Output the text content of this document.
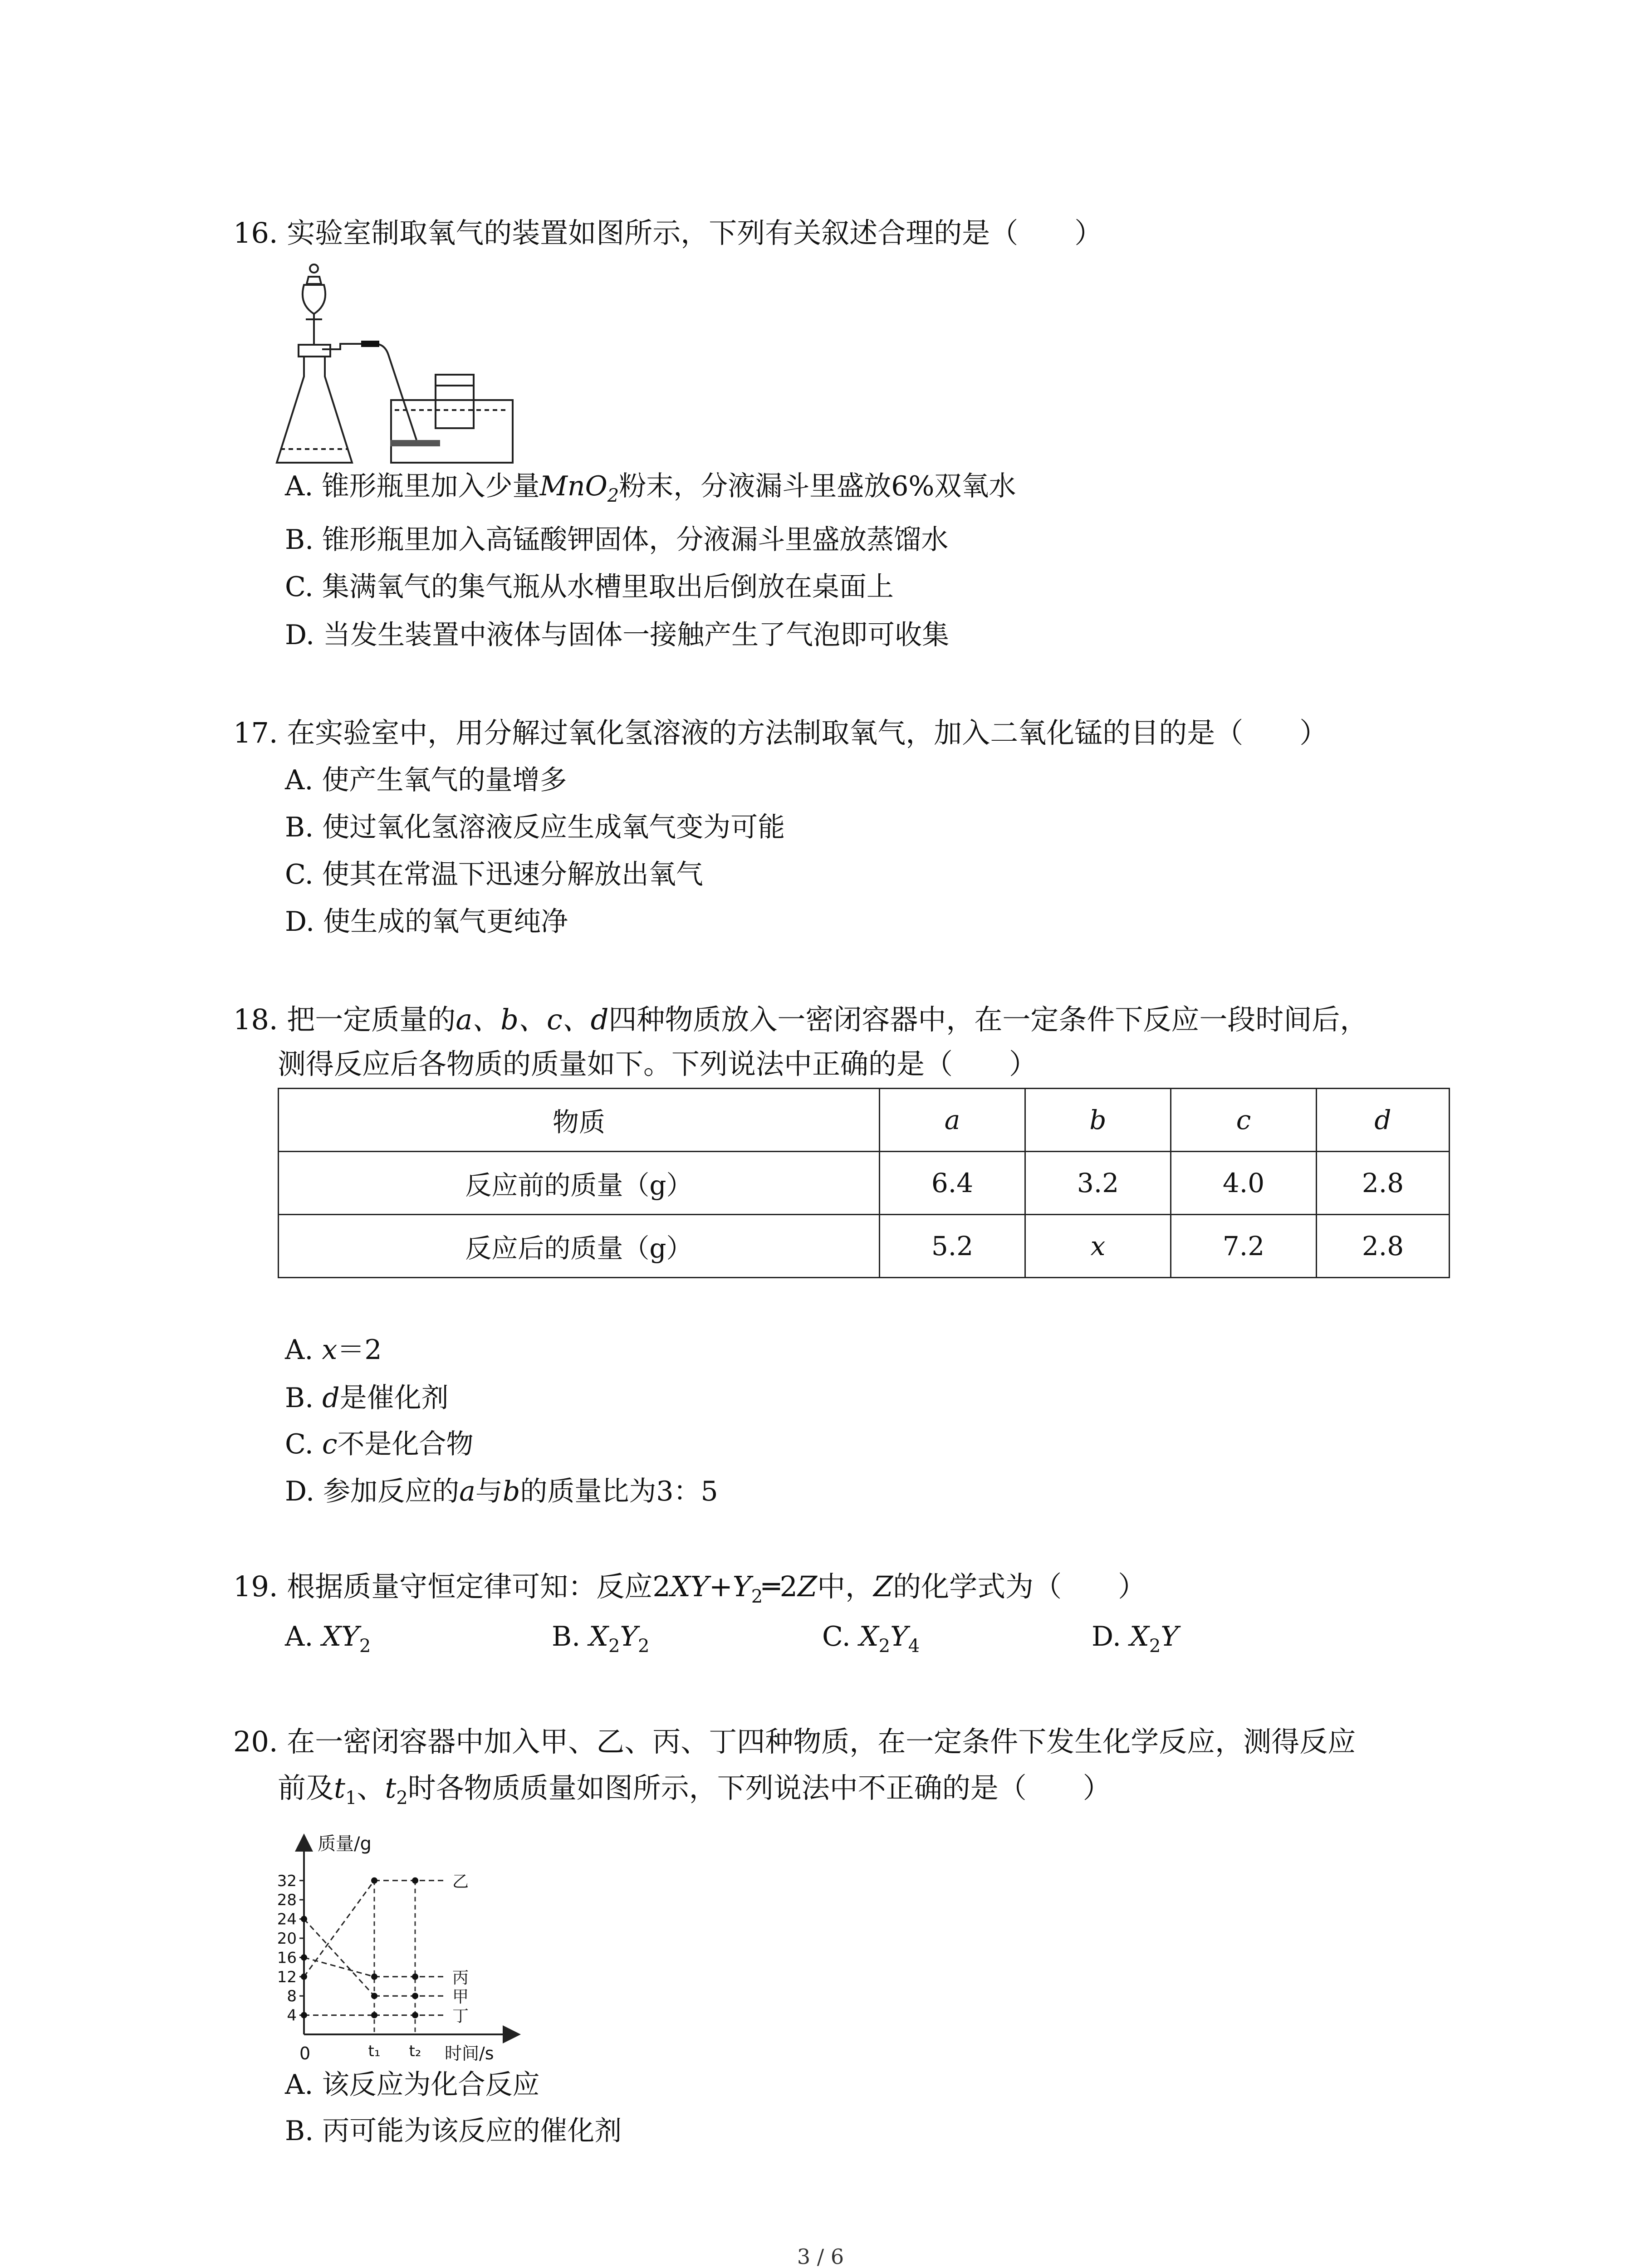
16. 实验室制取氧气的装置如图所示，下列有关叙述合理的是（　　）
A. 锥形瓶里加入少量MnO$_2$粉末，分液漏斗里盛放6%双氧水
B. 锥形瓶里加入高锰酸钾固体，分液漏斗里盛放蒸馏水
C. 集满氧气的集气瓶从水槽里取出后倒放在桌面上
D. 当发生装置中液体与固体一接触产生了气泡即可收集
17. 在实验室中，用分解过氧化氢溶液的方法制取氧气，加入二氧化锰的目的是（　　）
A. 使产生氧气的量增多
B. 使过氧化氢溶液反应生成氧气变为可能
C. 使其在常温下迅速分解放出氧气
D. 使生成的氧气更纯净
18. 把一定质量的a、b、c、d四种物质放入一密闭容器中，在一定条件下反应一段时间后，
测得反应后各物质的质量如下。下列说法中正确的是（　　）
物质	a	b	c	d
反应前的质量（g）	6.4	3.2	4.0	2.8
反应后的质量（g）	5.2	x	7.2	2.8
A. x＝2
B. d是催化剂
C. c不是化合物
D. 参加反应的a与b的质量比为3：5
19. 根据质量守恒定律可知：反应$2XY+Y_2═2Z$中，Z的化学式为（　　）
A. $XY_2$	B. $X_2Y_2$	C. $X_2Y_4$	D. $X_2Y$
20. 在一密闭容器中加入甲、乙、丙、丁四种物质，在一定条件下发生化学反应，测得反应
前及$t_1$、$t_2$时各物质质量如图所示，下列说法中不正确的是（　　）
质量/g
时间/s
0
4
8
12
16
20
24
28
32
t₁ t₂
乙
丙
甲
丁
A. 该反应为化合反应
B. 丙可能为该反应的催化剂
3 / 6
